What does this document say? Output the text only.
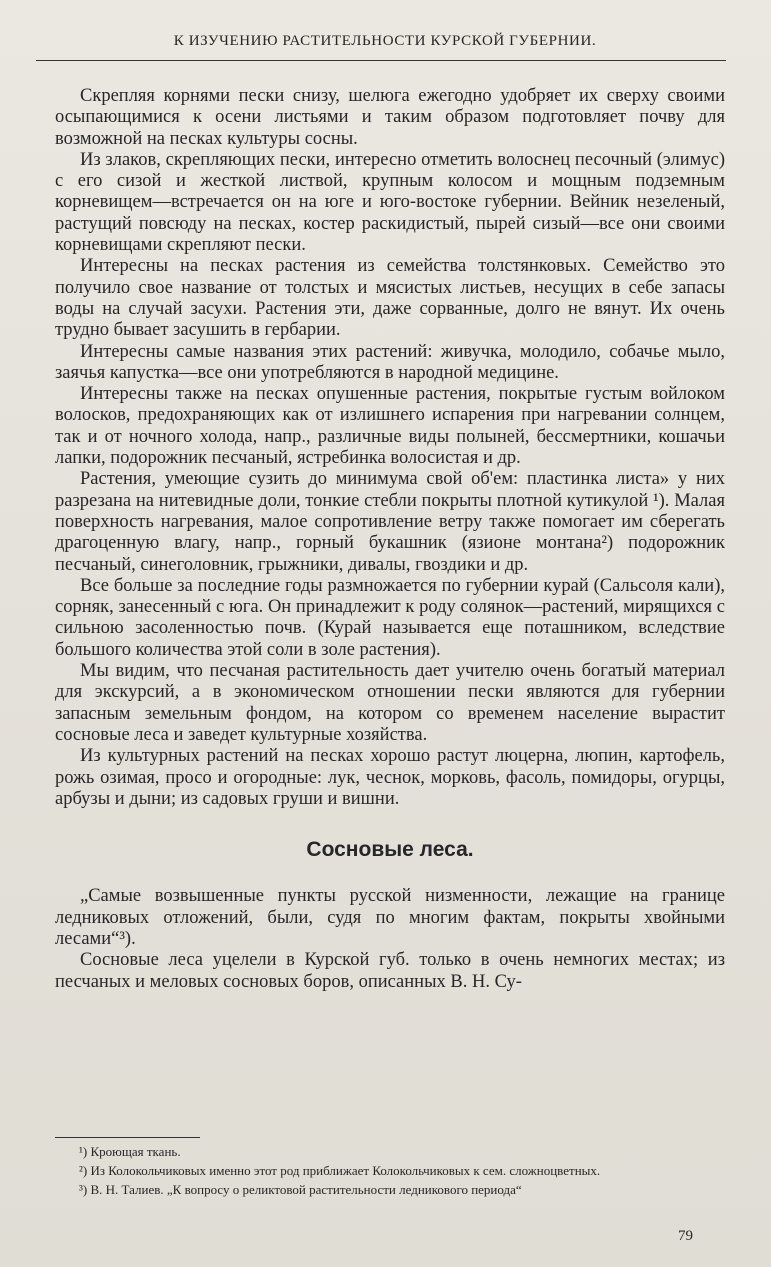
К ИЗУЧЕНИЮ РАСТИТЕЛЬНОСТИ КУРСКОЙ ГУБЕРНИИ.

Скрепляя корнями пески снизу, шелюга ежегодно удобряет их сверху своими осыпающимися к осени листьями и таким образом подготовляет почву для возможной на песках культуры сосны.

Из злаков, скрепляющих пески, интересно отметить волоснец песочный (элимус) с его сизой и жесткой листвой, крупным колосом и мощным подземным корневищем—встречается он на юге и юго-востоке губернии. Вейник незеленый, растущий повсюду на песках, костер раскидистый, пырей сизый—все они своими корневищами скрепляют пески.

Интересны на песках растения из семейства толстянковых. Семейство это получило свое название от толстых и мясистых листьев, несущих в себе запасы воды на случай засухи. Растения эти, даже сорванные, долго не вянут. Их очень трудно бывает засушить в гербарии.

Интересны самые названия этих растений: живучка, молодило, собачье мыло, заячья капустка—все они употребляются в народной медицине.

Интересны также на песках опушенные растения, покрытые густым войлоком волосков, предохраняющих как от излишнего испарения при нагревании солнцем, так и от ночного холода, напр., различные виды полыней, бессмертники, кошачьи лапки, подорожник песчаный, ястребинка волосистая и др.

Растения, умеющие сузить до минимума свой об'ем: пластинка листа» у них разрезана на нитевидные доли, тонкие стебли покрыты плотной кутикулой ¹). Малая поверхность нагревания, малое сопротивление ветру также помогает им сберегать драгоценную влагу, напр., горный букашник (язионе монтана²) подорожник песчаный, синеголовник, грыжники, дивалы, гвоздики и др.

Все больше за последние годы размножается по губернии курай (Сальсоля кали), сорняк, занесенный с юга. Он принадлежит к роду солянок—растений, мирящихся с сильною засоленностью почв. (Курай называется еще поташником, вследствие большого количества этой соли в золе растения).

Мы видим, что песчаная растительность дает учителю очень богатый материал для экскурсий, а в экономическом отношении пески являются для губернии запасным земельным фондом, на котором со временем население вырастит сосновые леса и заведет культурные хозяйства.

Из культурных растений на песках хорошо растут люцерна, люпин, картофель, рожь озимая, просо и огородные: лук, чеснок, морковь, фасоль, помидоры, огурцы, арбузы и дыни; из садовых груши и вишни.

Сосновые леса.

„Самые возвышенные пункты русской низменности, лежащие на границе ледниковых отложений, были, судя по многим фактам, покрыты хвойными лесами“³).

Сосновые леса уцелели в Курской губ. только в очень немногих местах; из песчаных и меловых сосновых боров, описанных В. Н. Су-

¹) Кроющая ткань.

²) Из Колокольчиковых именно этот род приближает Колокольчиковых к сем. сложноцветных.

³) В. Н. Талиев. „К вопросу о реликтовой растительности ледникового периода“

79
